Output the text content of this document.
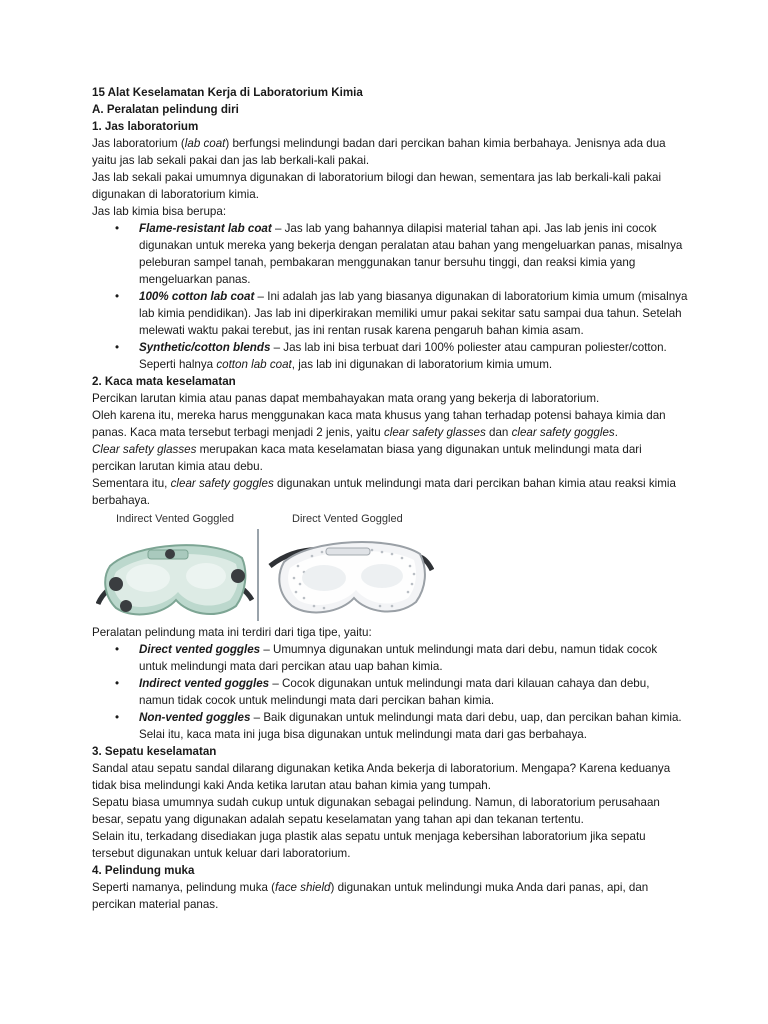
15 Alat Keselamatan Kerja di Laboratorium Kimia

A. Peralatan pelindung diri

1. Jas laboratorium

Jas laboratorium (lab coat) berfungsi melindungi badan dari percikan bahan kimia berbahaya. Jenisnya ada dua yaitu jas lab sekali pakai dan jas lab berkali-kali pakai.

Jas lab sekali pakai umumnya digunakan di laboratorium bilogi dan hewan, sementara jas lab berkali-kali pakai digunakan di laboratorium kimia.

Jas lab kimia bisa berupa:

• Flame-resistant lab coat – Jas lab yang bahannya dilapisi material tahan api. Jas lab jenis ini cocok digunakan untuk mereka yang bekerja dengan peralatan atau bahan yang mengeluarkan panas, misalnya peleburan sampel tanah, pembakaran menggunakan tanur bersuhu tinggi, dan reaksi kimia yang mengeluarkan panas.
• 100% cotton lab coat – Ini adalah jas lab yang biasanya digunakan di laboratorium kimia umum (misalnya lab kimia pendidikan). Jas lab ini diperkirakan memiliki umur pakai sekitar satu sampai dua tahun. Setelah melewati waktu pakai terebut, jas ini rentan rusak karena pengaruh bahan kimia asam.
• Synthetic/cotton blends – Jas lab ini bisa terbuat dari 100% poliester atau campuran poliester/cotton. Seperti halnya cotton lab coat, jas lab ini digunakan di laboratorium kimia umum.

2. Kaca mata keselamatan

Percikan larutan kimia atau panas dapat membahayakan mata orang yang bekerja di laboratorium.

Oleh karena itu, mereka harus menggunakan kaca mata khusus yang tahan terhadap potensi bahaya kimia dan panas. Kaca mata tersebut terbagi menjadi 2 jenis, yaitu clear safety glasses dan clear safety goggles.

Clear safety glasses merupakan kaca mata keselamatan biasa yang digunakan untuk melindungi mata dari percikan larutan kimia atau debu.

Sementara itu, clear safety goggles digunakan untuk melindungi mata dari percikan bahan kimia atau reaksi kimia berbahaya.

Indirect Vented Goggled	Direct Vented Goggled

Peralatan pelindung mata ini terdiri dari tiga tipe, yaitu:

• Direct vented goggles – Umumnya digunakan untuk melindungi mata dari debu, namun tidak cocok untuk melindungi mata dari percikan atau uap bahan kimia.
• Indirect vented goggles – Cocok digunakan untuk melindungi mata dari kilauan cahaya dan debu, namun tidak cocok untuk melindungi mata dari percikan bahan kimia.
• Non-vented goggles – Baik digunakan untuk melindungi mata dari debu, uap, dan percikan bahan kimia. Selai itu, kaca mata ini juga bisa digunakan untuk melindungi mata dari gas berbahaya.

3. Sepatu keselamatan

Sandal atau sepatu sandal dilarang digunakan ketika Anda bekerja di laboratorium. Mengapa? Karena keduanya tidak bisa melindungi kaki Anda ketika larutan atau bahan kimia yang tumpah.

Sepatu biasa umumnya sudah cukup untuk digunakan sebagai pelindung. Namun, di laboratorium perusahaan besar, sepatu yang digunakan adalah sepatu keselamatan yang tahan api dan tekanan tertentu.

Selain itu, terkadang disediakan juga plastik alas sepatu untuk menjaga kebersihan laboratorium jika sepatu tersebut digunakan untuk keluar dari laboratorium.

4. Pelindung muka

Seperti namanya, pelindung muka (face shield) digunakan untuk melindungi muka Anda dari panas, api, dan percikan material panas.
